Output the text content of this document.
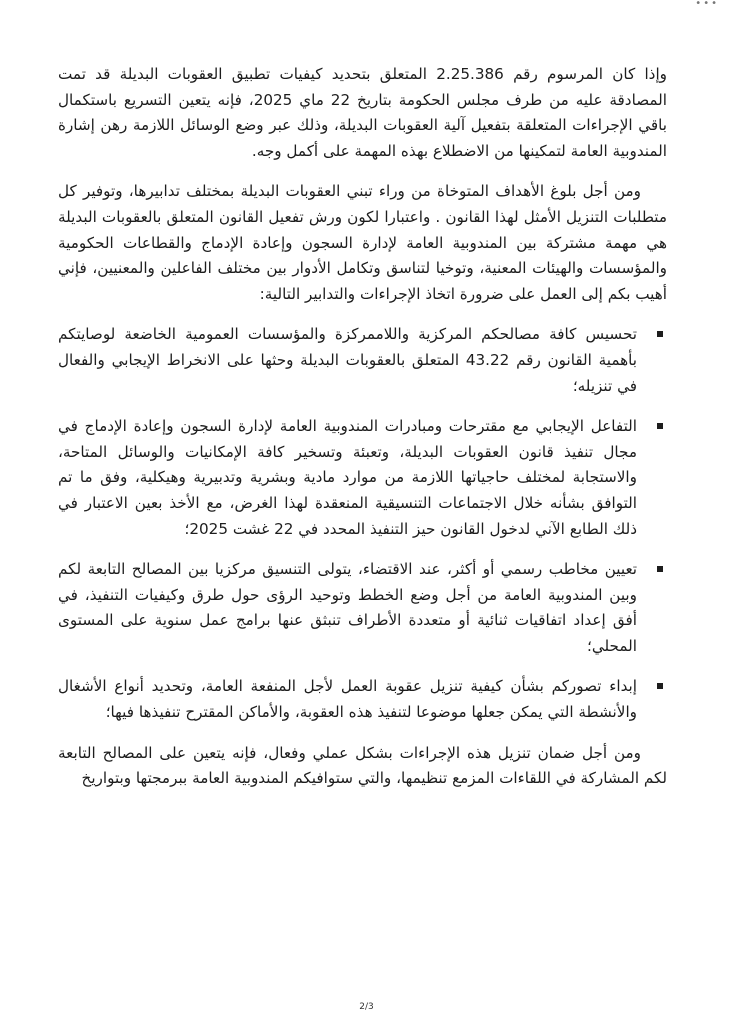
•••

وإذا كان المرسوم رقم 2.25.386 المتعلق بتحديد كيفيات تطبيق العقوبات البديلة قد تمت المصادقة عليه من طرف مجلس الحكومة بتاريخ 22 ماي 2025، فإنه يتعين التسريع باستكمال باقي الإجراءات المتعلقة بتفعيل آلية العقوبات البديلة، وذلك عبر وضع الوسائل اللازمة رهن إشارة المندوبية العامة لتمكينها من الاضطلاع بهذه المهمة على أكمل وجه.

ومن أجل بلوغ الأهداف المتوخاة من وراء تبني العقوبات البديلة بمختلف تدابيرها، وتوفير كل متطلبات التنزيل الأمثل لهذا القانون . واعتبارا لكون ورش تفعيل القانون المتعلق بالعقوبات البديلة هي مهمة مشتركة بين المندوبية العامة لإدارة السجون وإعادة الإدماج والقطاعات الحكومية والمؤسسات والهيئات المعنية، وتوخيا لتناسق وتكامل الأدوار بين مختلف الفاعلين والمعنيين، فإني أهيب بكم إلى العمل على ضرورة اتخاذ الإجراءات والتدابير التالية:

تحسيس كافة مصالحكم المركزية واللاممركزة والمؤسسات العمومية الخاضعة لوصايتكم بأهمية القانون رقم 43.22 المتعلق بالعقوبات البديلة وحثها على الانخراط الإيجابي والفعال في تنزيله؛
التفاعل الإيجابي مع مقترحات ومبادرات المندوبية العامة لإدارة السجون وإعادة الإدماج في مجال تنفيذ قانون العقوبات البديلة، وتعبئة وتسخير كافة الإمكانيات والوسائل المتاحة، والاستجابة لمختلف حاجياتها اللازمة من موارد مادية وبشرية وتدبيرية وهيكلية، وفق ما تم التوافق بشأنه خلال الاجتماعات التنسيقية المنعقدة لهذا الغرض، مع الأخذ بعين الاعتبار في ذلك الطابع الآني لدخول القانون حيز التنفيذ المحدد في 22 غشت 2025؛
تعيين مخاطب رسمي أو أكثر، عند الاقتضاء، يتولى التنسيق مركزيا بين المصالح التابعة لكم وبين المندوبية العامة من أجل وضع الخطط وتوحيد الرؤى حول طرق وكيفيات التنفيذ، في أفق إعداد اتفاقيات ثنائية أو متعددة الأطراف تنبثق عنها برامج عمل سنوية على المستوى المحلي؛
إبداء تصوركم بشأن كيفية تنزيل عقوبة العمل لأجل المنفعة العامة، وتحديد أنواع الأشغال والأنشطة التي يمكن جعلها موضوعا لتنفيذ هذه العقوبة، والأماكن المقترح تنفيذها فيها؛

ومن أجل ضمان تنزيل هذه الإجراءات بشكل عملي وفعال، فإنه يتعين على المصالح التابعة لكم المشاركة في اللقاءات المزمع تنظيمها، والتي ستوافيكم المندوبية العامة ببرمجتها وبتواريخ

2/3
